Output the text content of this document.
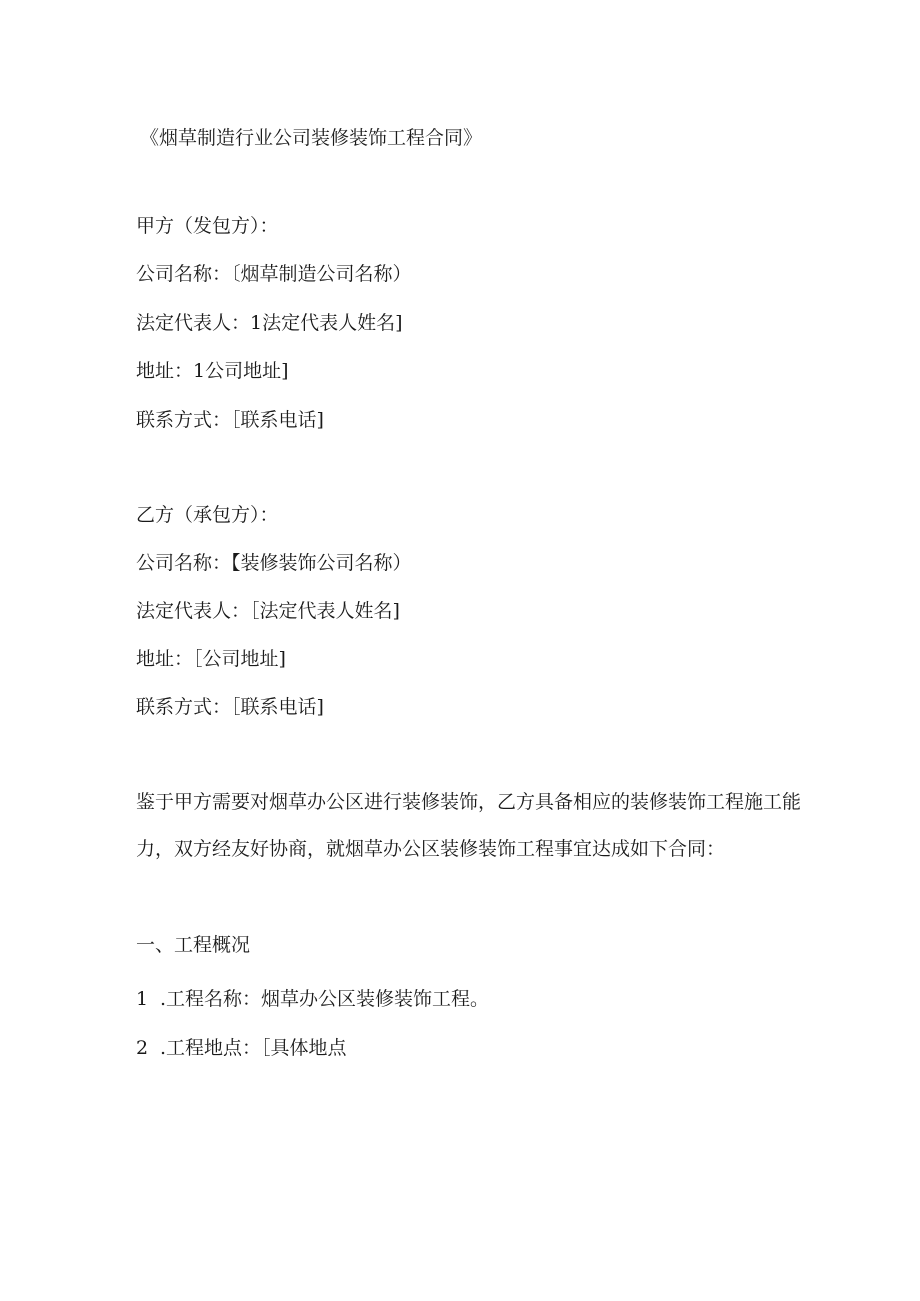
《烟草制造行业公司装修装饰工程合同》

甲方（发包方）：

公司名称：〔烟草制造公司名称）

法定代表人：1法定代表人姓名]

地址：1公司地址]

联系方式：［联系电话]

乙方（承包方）：

公司名称：【装修装饰公司名称）

法定代表人：［法定代表人姓名]

地址：［公司地址]

联系方式：［联系电话]

鉴于甲方需要对烟草办公区进行装修装饰，乙方具备相应的装修装饰工程施工能

力，双方经友好协商，就烟草办公区装修装饰工程事宜达成如下合同：

一、工程概况

1 .工程名称：烟草办公区装修装饰工程。

2 .工程地点：［具体地点
